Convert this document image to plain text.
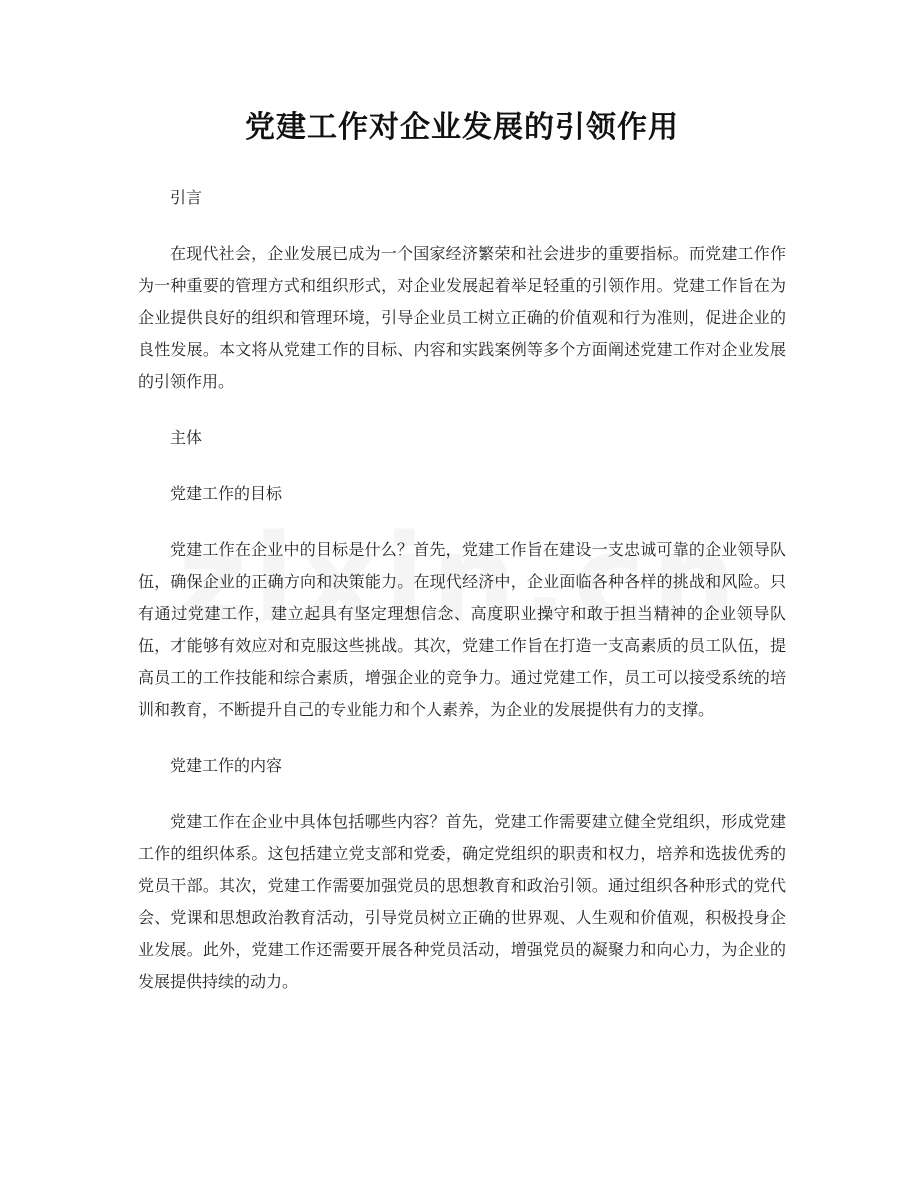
党建工作对企业发展的引领作用
引言

在现代社会，企业发展已成为一个国家经济繁荣和社会进步的重要指标。而党建工作作为一种重要的管理方式和组织形式，对企业发展起着举足轻重的引领作用。党建工作旨在为企业提供良好的组织和管理环境，引导企业员工树立正确的价值观和行为准则，促进企业的良性发展。本文将从党建工作的目标、内容和实践案例等多个方面阐述党建工作对企业发展的引领作用。

主体
党建工作的目标

党建工作在企业中的目标是什么？首先，党建工作旨在建设一支忠诚可靠的企业领导队伍，确保企业的正确方向和决策能力。在现代经济中，企业面临各种各样的挑战和风险。只有通过党建工作，建立起具有坚定理想信念、高度职业操守和敢于担当精神的企业领导队伍，才能够有效应对和克服这些挑战。其次，党建工作旨在打造一支高素质的员工队伍，提高员工的工作技能和综合素质，增强企业的竞争力。通过党建工作，员工可以接受系统的培训和教育，不断提升自己的专业能力和个人素养，为企业的发展提供有力的支撑。

党建工作的内容

党建工作在企业中具体包括哪些内容？首先，党建工作需要建立健全党组织，形成党建工作的组织体系。这包括建立党支部和党委，确定党组织的职责和权力，培养和选拔优秀的党员干部。其次，党建工作需要加强党员的思想教育和政治引领。通过组织各种形式的党代会、党课和思想政治教育活动，引导党员树立正确的世界观、人生观和价值观，积极投身企业发展。此外，党建工作还需要开展各种党员活动，增强党员的凝聚力和向心力，为企业的发展提供持续的动力。
